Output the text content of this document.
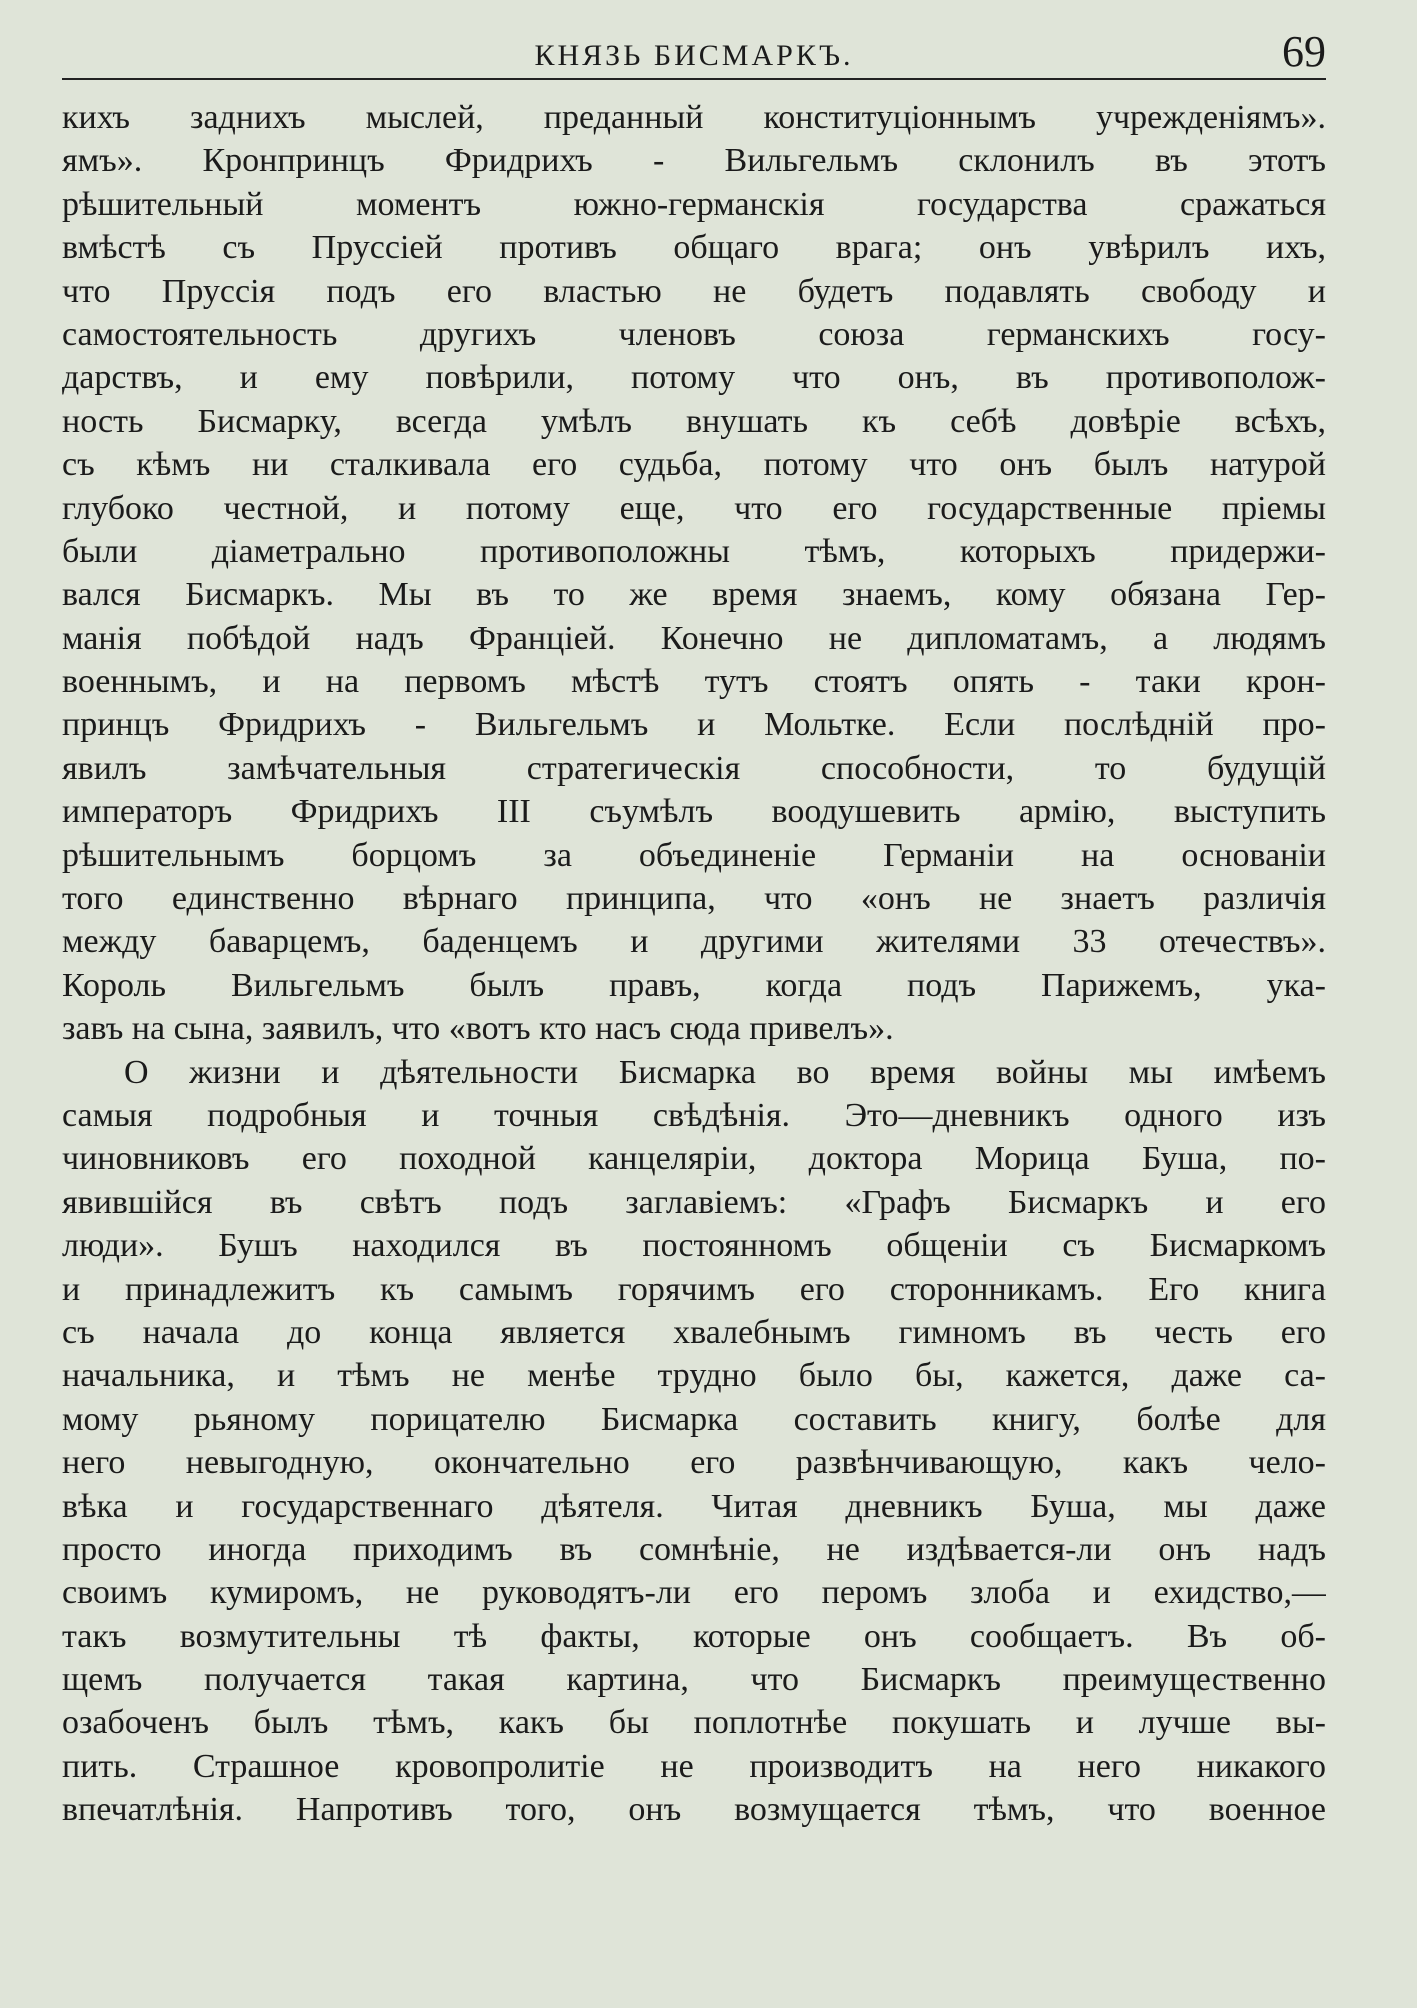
КНЯЗЬ БИСМАРКЪ.	69
кихъ заднихъ мыслей, преданный конституціоннымъ учрежденіямъ».
ямъ». Кронпринцъ Фридрихъ - Вильгельмъ склонилъ въ этотъ
рѣшительный моментъ южно-германскія государства сражаться
вмѣстѣ съ Пруссіей противъ общаго врага; онъ увѣрилъ ихъ,
что Пруссія подъ его властью не будетъ подавлять свободу и
самостоятельность другихъ членовъ союза германскихъ госу-
дарствъ, и ему повѣрили, потому что онъ, въ противополож-
ность Бисмарку, всегда умѣлъ внушать къ себѣ довѣріе всѣхъ,
съ кѣмъ ни сталкивала его судьба, потому что онъ былъ натурой
глубоко честной, и потому еще, что его государственные пріемы
были діаметрально противоположны тѣмъ, которыхъ придержи-
вался Бисмаркъ. Мы въ то же время знаемъ, кому обязана Гер-
манія побѣдой надъ Франціей. Конечно не дипломатамъ, а людямъ
военнымъ, и на первомъ мѣстѣ тутъ стоятъ опять - таки крон-
принцъ Фридрихъ - Вильгельмъ и Мольтке. Если послѣдній про-
явилъ замѣчательныя стратегическія способности, то будущій
императоръ Фридрихъ III съумѣлъ воодушевить армію, выступить
рѣшительнымъ борцомъ за объединеніе Германіи на основаніи
того единственно вѣрнаго принципа, что «онъ не знаетъ различія
между баварцемъ, баденцемъ и другими жителями 33 отечествъ».
Король Вильгельмъ былъ правъ, когда подъ Парижемъ, ука-
завъ на сына, заявилъ, что «вотъ кто насъ сюда привелъ».
О жизни и дѣятельности Бисмарка во время войны мы имѣемъ
самыя подробныя и точныя свѣдѣнія. Это—дневникъ одного изъ
чиновниковъ его походной канцеляріи, доктора Морица Буша, по-
явившійся въ свѣтъ подъ заглавіемъ: «Графъ Бисмаркъ и его
люди». Бушъ находился въ постоянномъ общеніи съ Бисмаркомъ
и принадлежитъ къ самымъ горячимъ его сторонникамъ. Его книга
съ начала до конца является хвалебнымъ гимномъ въ честь его
начальника, и тѣмъ не менѣе трудно было бы, кажется, даже са-
мому рьяному порицателю Бисмарка составить книгу, болѣе для
него невыгодную, окончательно его развѣнчивающую, какъ чело-
вѣка и государственнаго дѣятеля. Читая дневникъ Буша, мы даже
просто иногда приходимъ въ сомнѣніе, не издѣвается-ли онъ надъ
своимъ кумиромъ, не руководятъ-ли его перомъ злоба и ехидство,—
такъ возмутительны тѣ факты, которые онъ сообщаетъ. Въ об-
щемъ получается такая картина, что Бисмаркъ преимущественно
озабоченъ былъ тѣмъ, какъ бы поплотнѣе покушать и лучше вы-
пить. Страшное кровопролитіе не производитъ на него никакого
впечатлѣнія. Напротивъ того, онъ возмущается тѣмъ, что военное
